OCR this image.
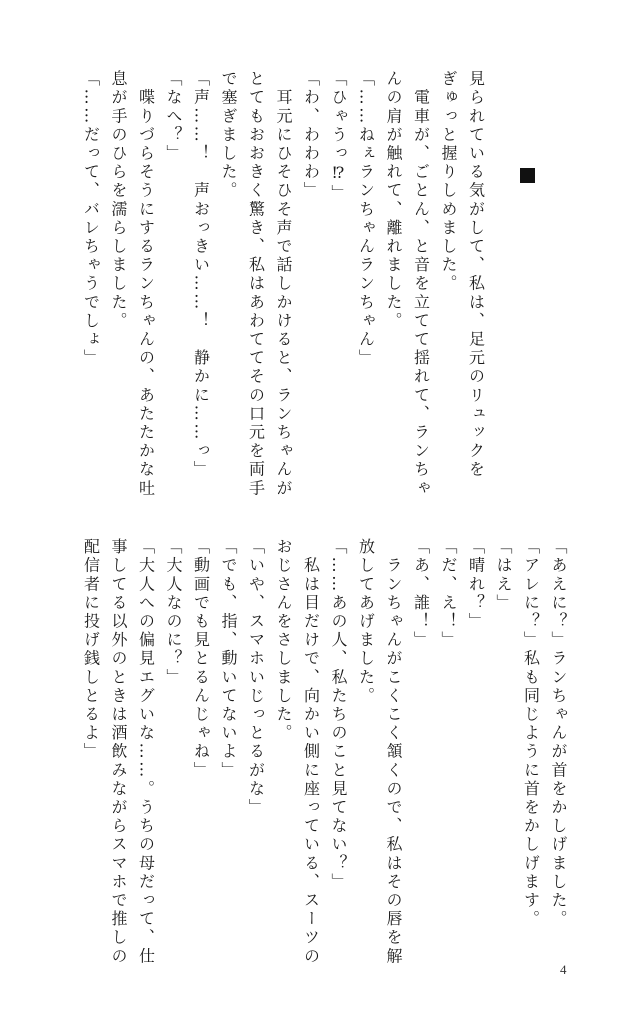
見られている気がして、私は、足元のリュックを
ぎゅっと握りしめました。
　電車が、ごとん、と音を立てて揺れて、ランちゃ
んの肩が触れて、離れました。
「……ねぇランちゃんランちゃん」
「ひゃうっ⁉」
「わ、わわわ」
　耳元にひそひそ声で話しかけると、ランちゃんが
とてもおおきく驚き、私はあわててその口元を両手
で塞ぎました。
「声……！　声おっきい……！　静かに……っ」
「なへ？」
　喋りづらそうにするランちゃんの、あたたかな吐
息が手のひらを濡らしました。
「……だって、バレちゃうでしょ」
「あえに？」ランちゃんが首をかしげました。
「アレに？」私も同じように首をかしげます。
「はえ」
「晴れ？」
「だ、え！」
「あ、誰！」
　ランちゃんがこくこく頷くので、私はその唇を解
放してあげました。
「……あの人、私たちのこと見てない？」
　私は目だけで、向かい側に座っている、スーツの
おじさんをさしました。
「いや、スマホいじっとるがな」
「でも、指、動いてないよ」
「動画でも見とるんじゃね」
「大人なのに？」
「大人への偏見エグいな……。うちの母だって、仕
事してる以外のときは酒飲みながらスマホで推しの
配信者に投げ銭しとるよ」
4
